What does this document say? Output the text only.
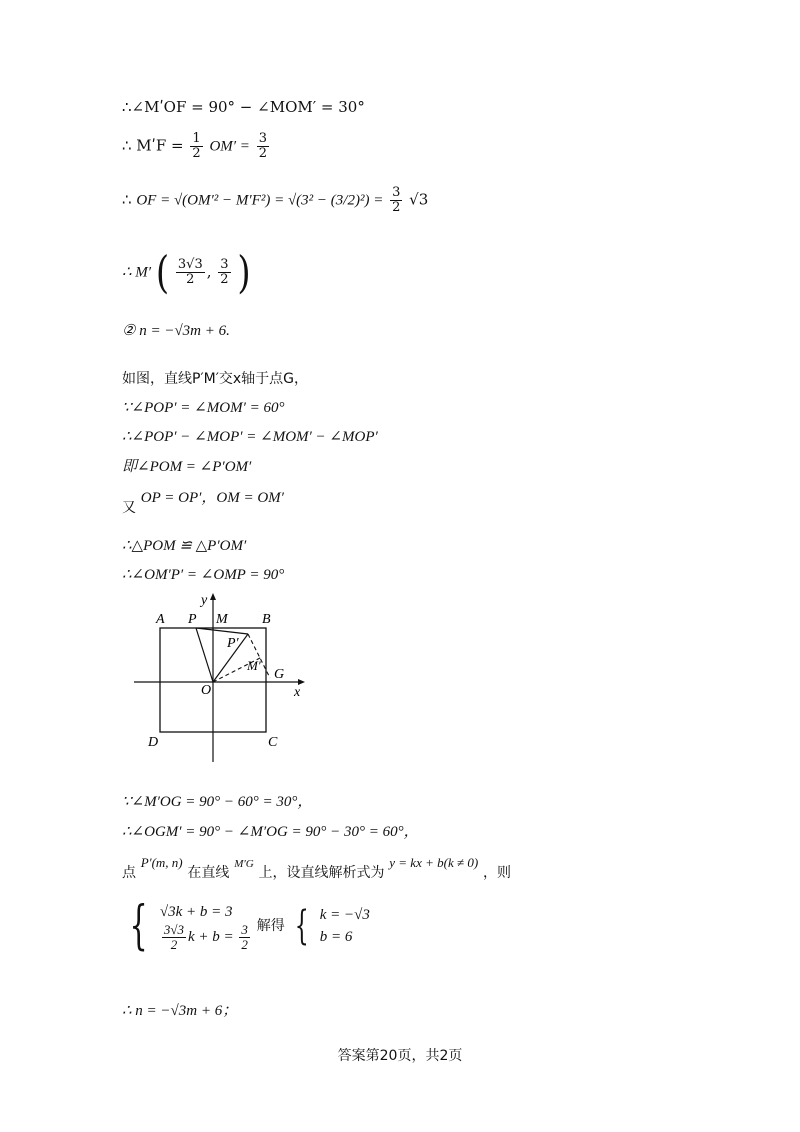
∴∠MʹOF = 90° − ∠MOM′ = 30°
∴ MʹF = $\frac{1}{2} OM' = \frac{3}{2}$
∴ OF = $√(OM'^2 - M'F^2) = √(3^2 - (3/2)^2) = \frac{3}{2} √3$
∴ M′ ( $\frac{3√3}{2}$ , $\frac{3}{2}$ )
② n = −√3m + 6.
如图，直线P′M′交x轴于点G，
∵∠POP′ = ∠MOM′ = 60°
∴∠POP′ − ∠MOP′ = ∠MOM′ − ∠MOP′
即∠POM = ∠P′OM′
又 OP = OP′，OM = OM′
∴△POM ≌ △P′OM′
∴∠OM′P′ = ∠OMP = 90°
A P M B
P′
M′
G
O	x
y
D	C
∵∠M′OG = 90° − 60° = 30°，
∴∠OGM′ = 90° − ∠M′OG = 90° − 30° = 60°，
点 P′(m, n) 在直线 M′G 上，设直线解析式为 y = kx + b(k ≠ 0) ，则
{ √3k + b = 3
$\frac{3√3}{2}$ $k + b = \frac{3}{2}$ 解得 { k = −√3
b = 6
∴ n = −√3m + 6；
答案第20页，共2页
